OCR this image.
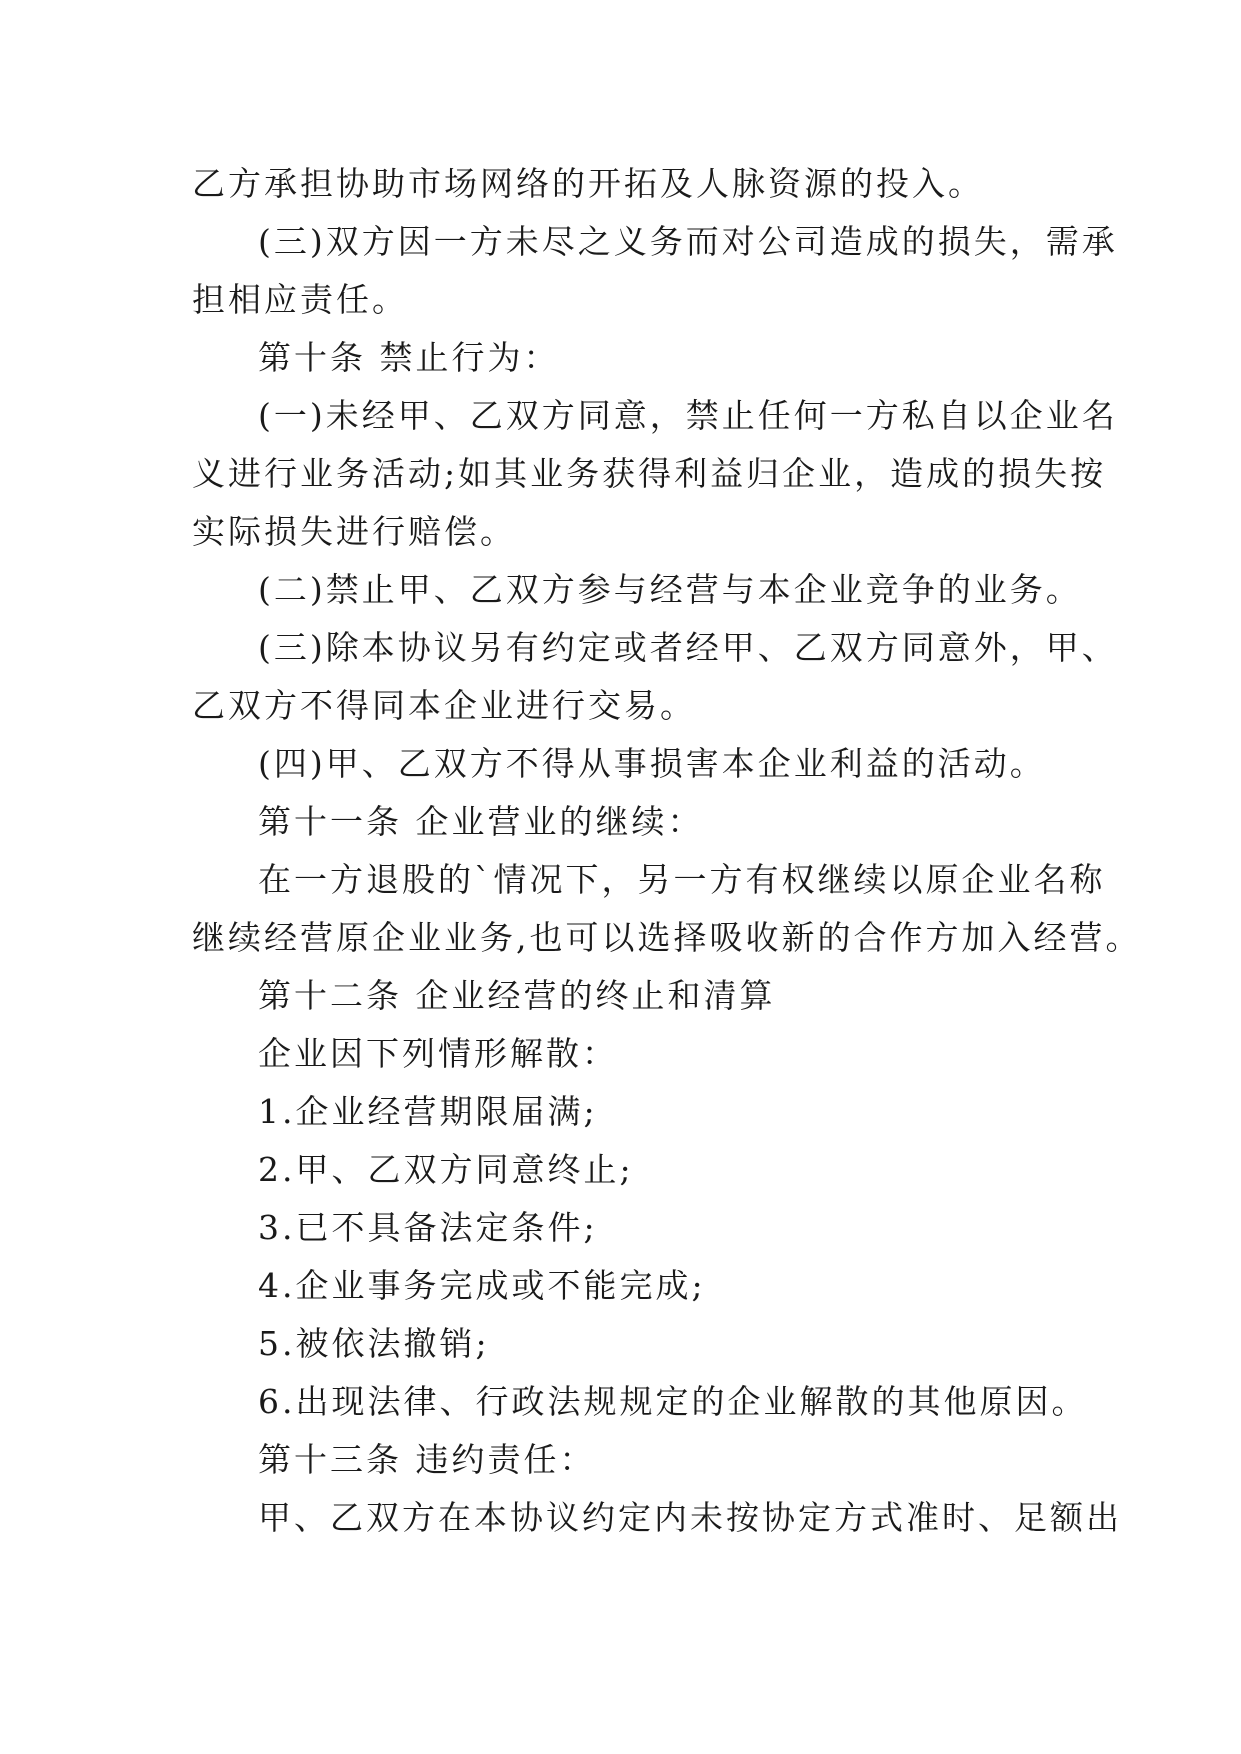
乙方承担协助市场网络的开拓及人脉资源的投入。
(三)双方因一方未尽之义务而对公司造成的损失，需承
担相应责任。
第十条 禁止行为：
(一)未经甲、乙双方同意，禁止任何一方私自以企业名
义进行业务活动;如其业务获得利益归企业，造成的损失按
实际损失进行赔偿。
(二)禁止甲、乙双方参与经营与本企业竞争的业务。
(三)除本协议另有约定或者经甲、乙双方同意外，甲、
乙双方不得同本企业进行交易。
(四)甲、乙双方不得从事损害本企业利益的活动。
第十一条 企业营业的继续：
在一方退股的`情况下，另一方有权继续以原企业名称
继续经营原企业业务,也可以选择吸收新的合作方加入经营。
第十二条 企业经营的终止和清算
企业因下列情形解散：
1.企业经营期限届满;
2.甲、乙双方同意终止;
3.已不具备法定条件;
4.企业事务完成或不能完成;
5.被依法撤销;
6.出现法律、行政法规规定的企业解散的其他原因。
第十三条 违约责任：
甲、乙双方在本协议约定内未按协定方式准时、足额出
